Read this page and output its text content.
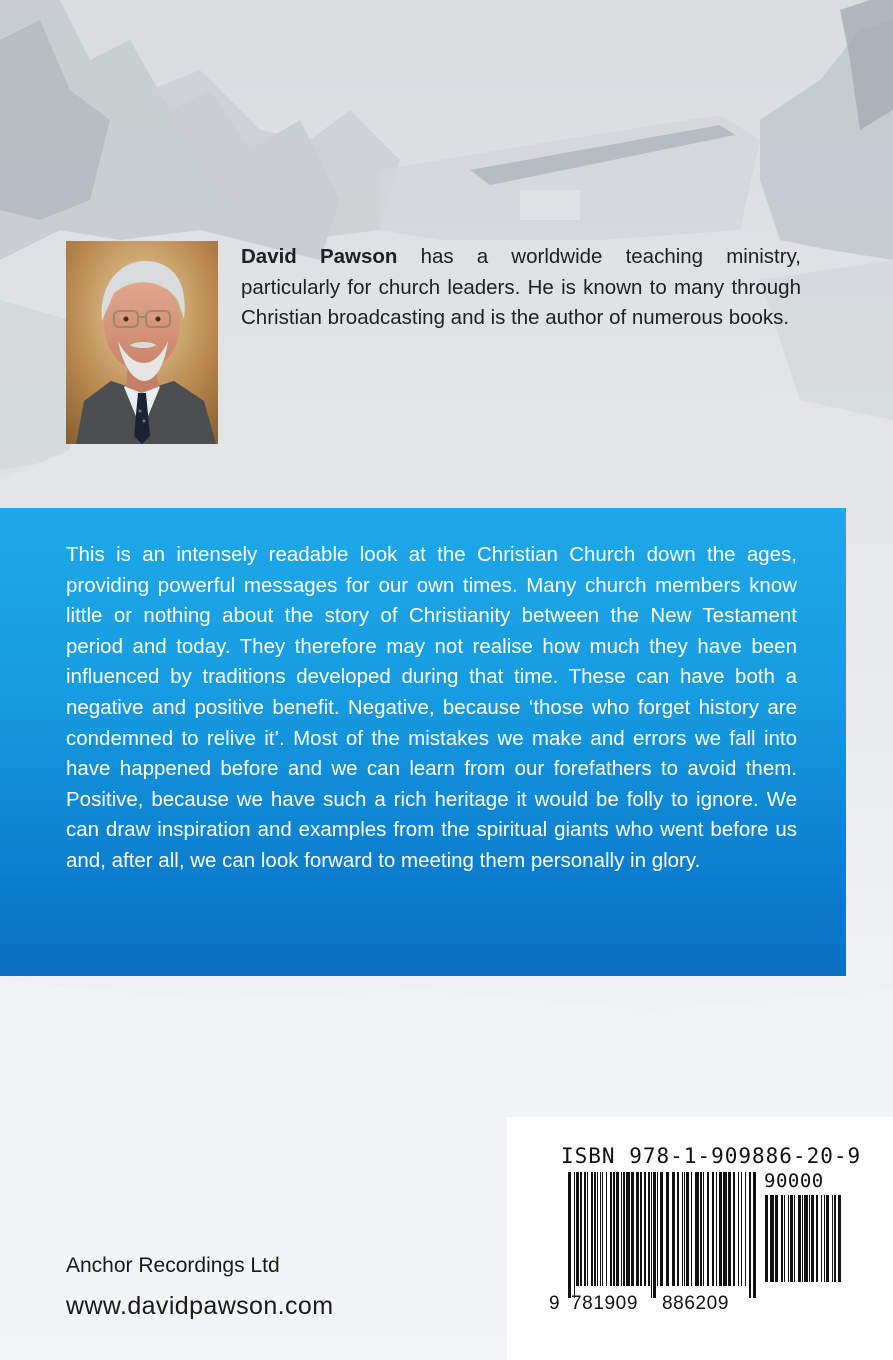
David Pawson has a worldwide teaching ministry, particularly for church leaders. He is known to many through Christian broadcasting and is the author of numerous books.

This is an intensely readable look at the Christian Church down the ages, providing powerful messages for our own times. Many church members know little or nothing about the story of Christianity between the New Testament period and today. They therefore may not realise how much they have been influenced by traditions developed during that time. These can have both a negative and positive benefit. Negative, because ‘those who forget history are condemned to relive it’. Most of the mistakes we make and errors we fall into have happened before and we can learn from our forefathers to avoid them. Positive, because we have such a rich heritage it would be folly to ignore. We can draw inspiration and examples from the spiritual giants who went before us and, after all, we can look forward to meeting them personally in glory.

Anchor Recordings Ltd
www.davidpawson.com
ISBN 978-1-909886-20-9
90000
9 781909 886209
